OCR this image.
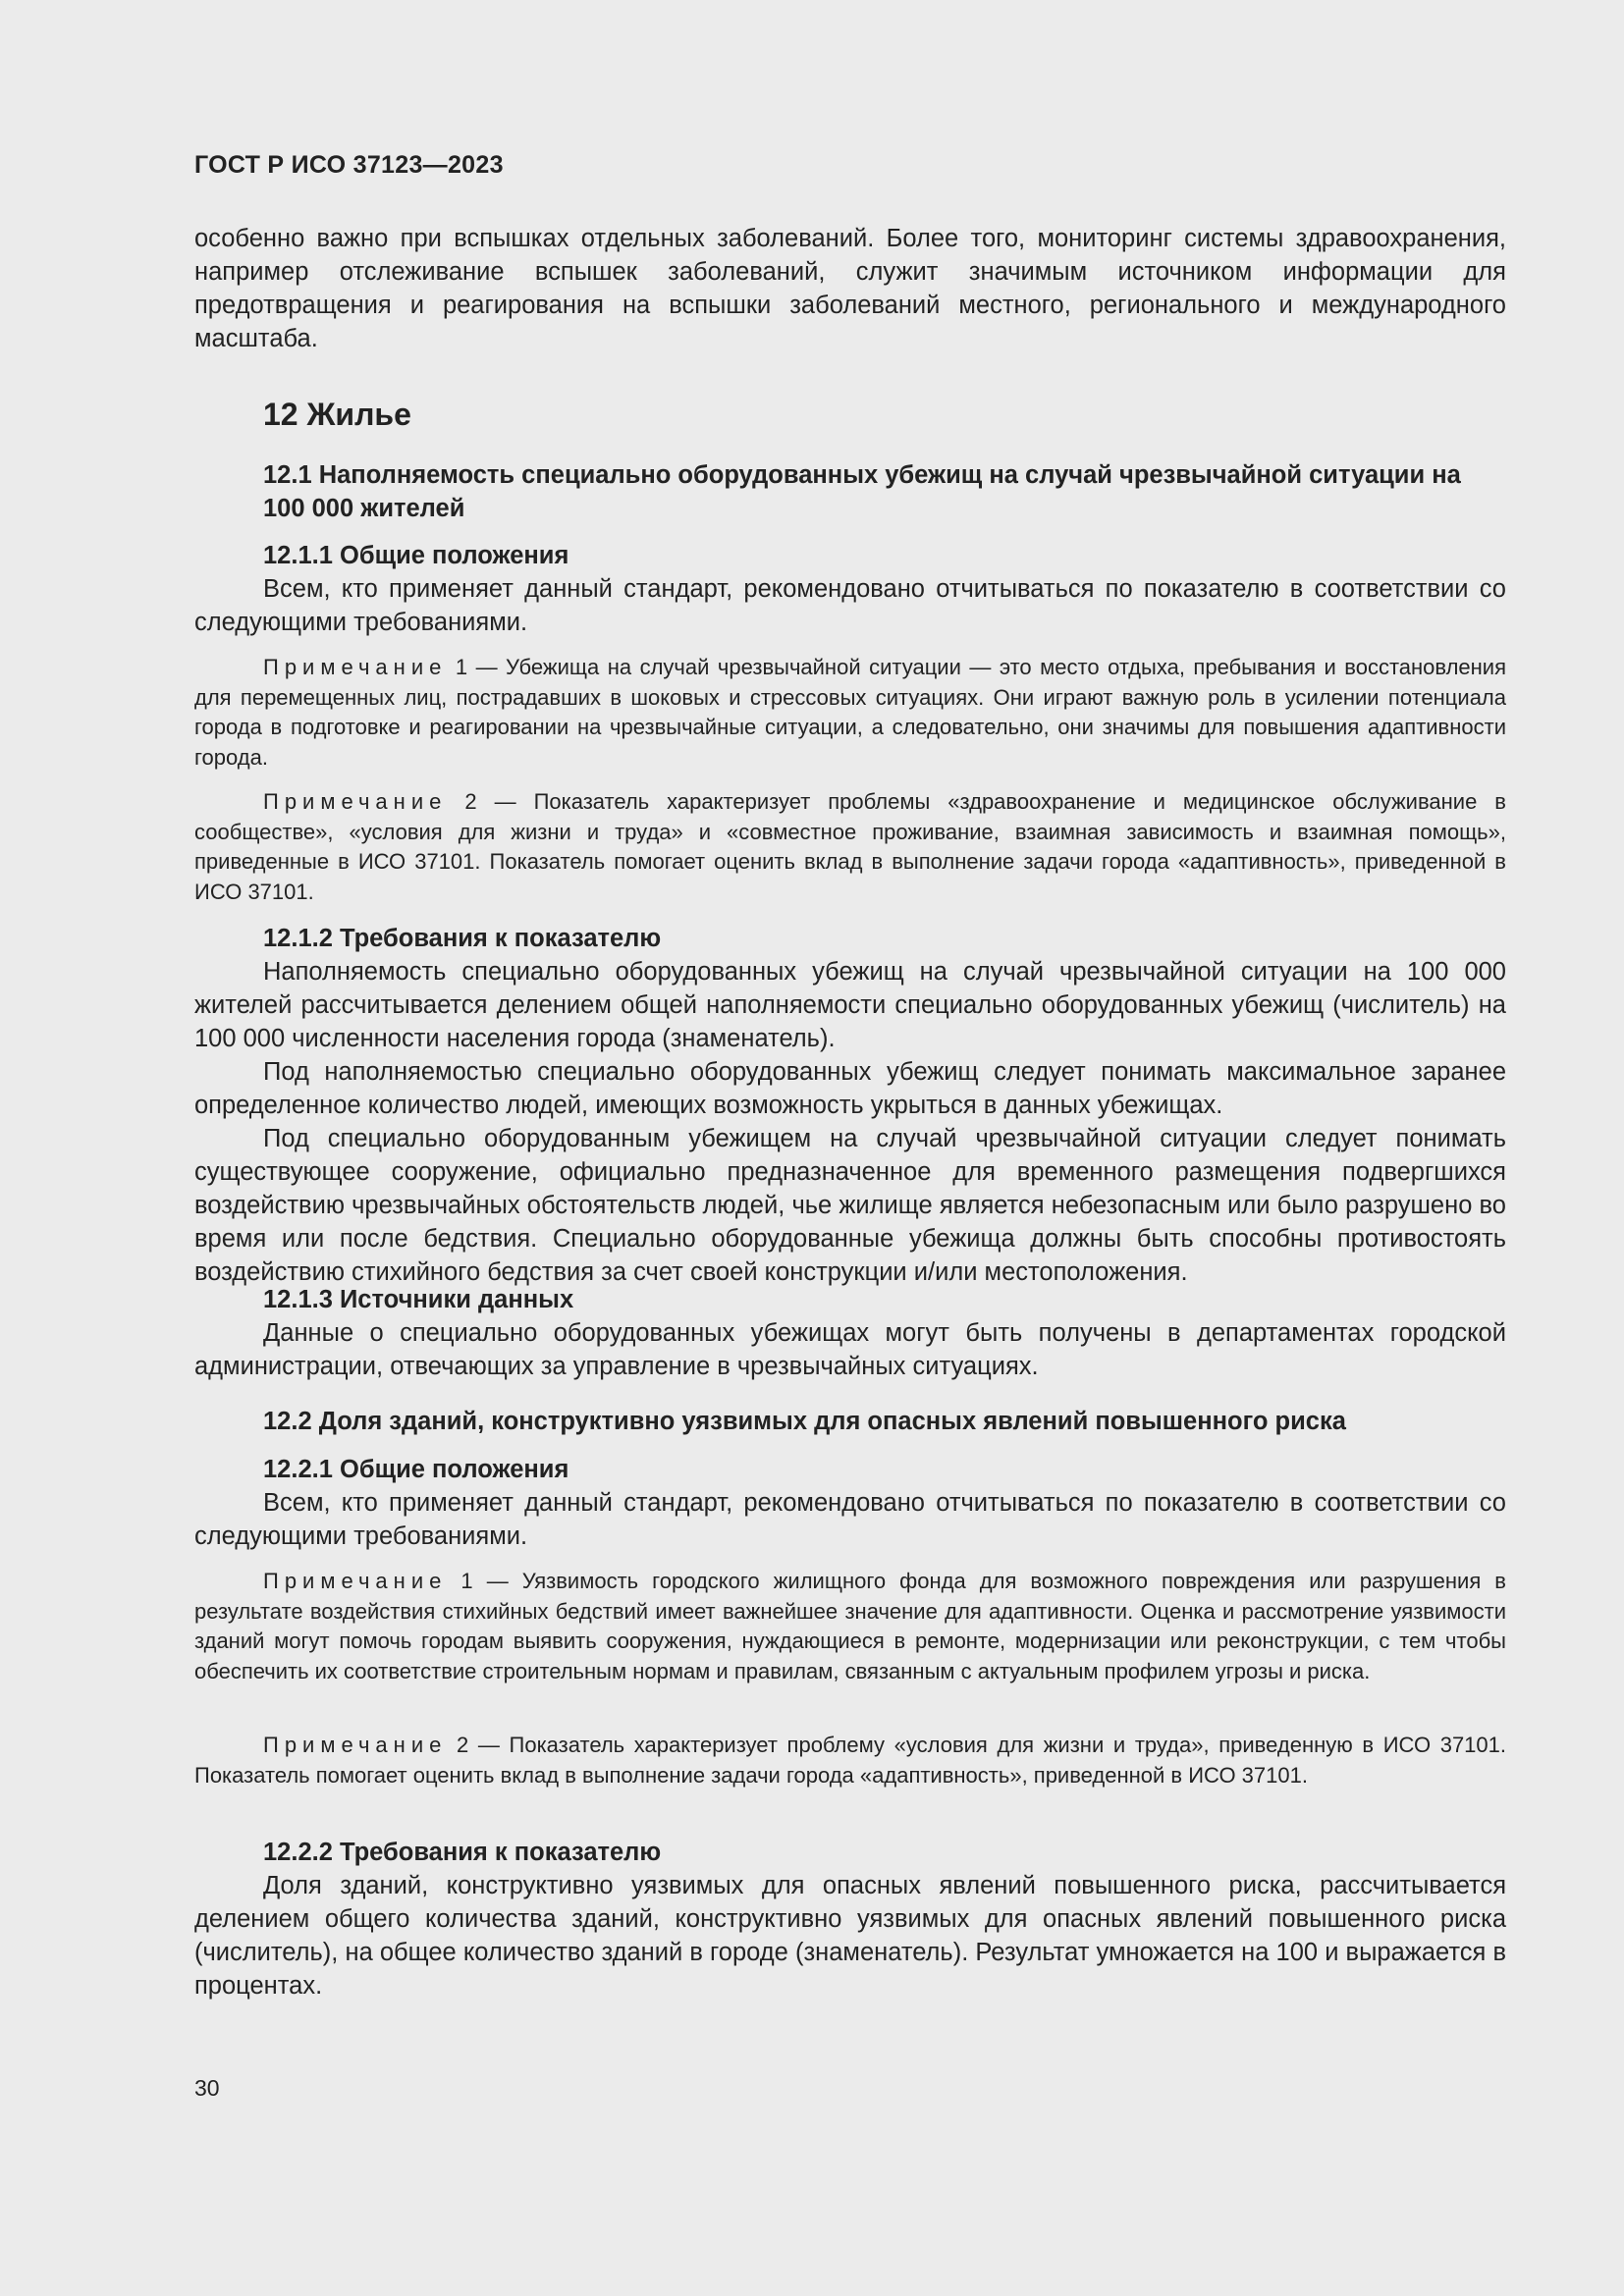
ГОСТ Р ИСО 37123—2023

особенно важно при вспышках отдельных заболеваний. Более того, мониторинг системы здравоохранения, например отслеживание вспышек заболеваний, служит значимым источником информации для предотвращения и реагирования на вспышки заболеваний местного, регионального и международного масштаба.

12 Жилье
12.1 Наполняемость специально оборудованных убежищ на случай чрезвычайной ситуации на 100 000 жителей
12.1.1 Общие положения

Всем, кто применяет данный стандарт, рекомендовано отчитываться по показателю в соответствии со следующими требованиями.

Примечание 1 — Убежища на случай чрезвычайной ситуации — это место отдыха, пребывания и восстановления для перемещенных лиц, пострадавших в шоковых и стрессовых ситуациях. Они играют важную роль в усилении потенциала города в подготовке и реагировании на чрезвычайные ситуации, а следовательно, они значимы для повышения адаптивности города.

Примечание 2 — Показатель характеризует проблемы «здравоохранение и медицинское обслуживание в сообществе», «условия для жизни и труда» и «совместное проживание, взаимная зависимость и взаимная помощь», приведенные в ИСО 37101. Показатель помогает оценить вклад в выполнение задачи города «адаптивность», приведенной в ИСО 37101.

12.1.2 Требования к показателю

Наполняемость специально оборудованных убежищ на случай чрезвычайной ситуации на 100 000 жителей рассчитывается делением общей наполняемости специально оборудованных убежищ (числитель) на 100 000 численности населения города (знаменатель).

Под наполняемостью специально оборудованных убежищ следует понимать максимальное заранее определенное количество людей, имеющих возможность укрыться в данных убежищах.

Под специально оборудованным убежищем на случай чрезвычайной ситуации следует понимать существующее сооружение, официально предназначенное для временного размещения подвергшихся воздействию чрезвычайных обстоятельств людей, чье жилище является небезопасным или было разрушено во время или после бедствия. Специально оборудованные убежища должны быть способны противостоять воздействию стихийного бедствия за счет своей конструкции и/или местоположения.

12.1.3 Источники данных

Данные о специально оборудованных убежищах могут быть получены в департаментах городской администрации, отвечающих за управление в чрезвычайных ситуациях.

12.2 Доля зданий, конструктивно уязвимых для опасных явлений повышенного риска
12.2.1 Общие положения

Всем, кто применяет данный стандарт, рекомендовано отчитываться по показателю в соответствии со следующими требованиями.

Примечание 1 — Уязвимость городского жилищного фонда для возможного повреждения или разрушения в результате воздействия стихийных бедствий имеет важнейшее значение для адаптивности. Оценка и рассмотрение уязвимости зданий могут помочь городам выявить сооружения, нуждающиеся в ремонте, модернизации или реконструкции, с тем чтобы обеспечить их соответствие строительным нормам и правилам, связанным с актуальным профилем угрозы и риска.

Примечание 2 — Показатель характеризует проблему «условия для жизни и труда», приведенную в ИСО 37101. Показатель помогает оценить вклад в выполнение задачи города «адаптивность», приведенной в ИСО 37101.

12.2.2 Требования к показателю

Доля зданий, конструктивно уязвимых для опасных явлений повышенного риска, рассчитывается делением общего количества зданий, конструктивно уязвимых для опасных явлений повышенного риска (числитель), на общее количество зданий в городе (знаменатель). Результат умножается на 100 и выражается в процентах.

30
